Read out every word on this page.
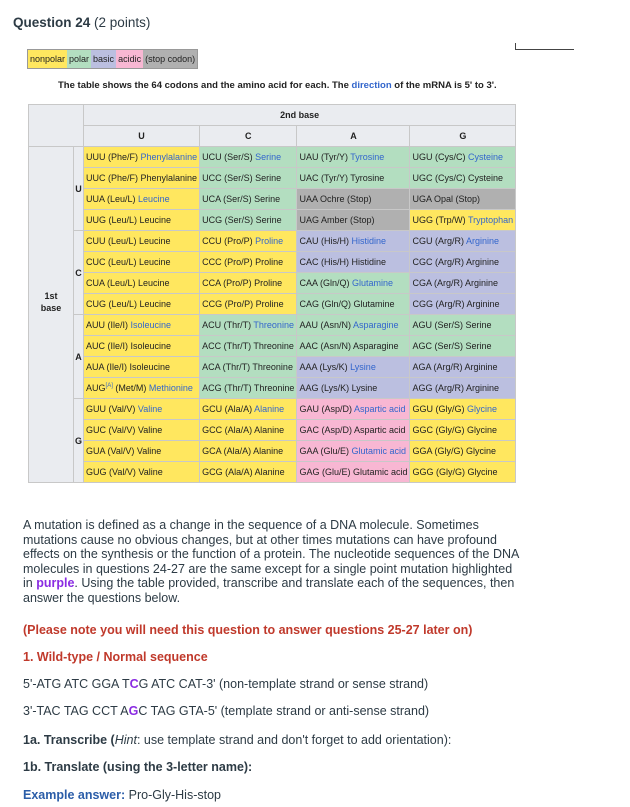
Question 24 (2 points)
nonpolar polar basic acidic (stop codon)
The table shows the 64 codons and the amino acid for each. The direction of the mRNA is 5' to 3'.
		2nd base			
		U	C	A	G

1st
base	U	UUU (Phe/F) Phenylalanine	UCU (Ser/S) Serine	UAU (Tyr/Y) Tyrosine	UGU (Cys/C) Cysteine
		UUC (Phe/F) Phenylalanine	UCC (Ser/S) Serine	UAC (Tyr/Y) Tyrosine	UGC (Cys/C) Cysteine
		UUA (Leu/L) Leucine	UCA (Ser/S) Serine	UAA Ochre (Stop)	UGA Opal (Stop)
		UUG (Leu/L) Leucine	UCG (Ser/S) Serine	UAG Amber (Stop)	UGG (Trp/W) Tryptophan
	C	CUU (Leu/L) Leucine	CCU (Pro/P) Proline	CAU (His/H) Histidine	CGU (Arg/R) Arginine
		CUC (Leu/L) Leucine	CCC (Pro/P) Proline	CAC (His/H) Histidine	CGC (Arg/R) Arginine
		CUA (Leu/L) Leucine	CCA (Pro/P) Proline	CAA (Gln/Q) Glutamine	CGA (Arg/R) Arginine
		CUG (Leu/L) Leucine	CCG (Pro/P) Proline	CAG (Gln/Q) Glutamine	CGG (Arg/R) Arginine
	A	AUU (Ile/I) Isoleucine	ACU (Thr/T) Threonine	AAU (Asn/N) Asparagine	AGU (Ser/S) Serine
		AUC (Ile/I) Isoleucine	ACC (Thr/T) Threonine	AAC (Asn/N) Asparagine	AGC (Ser/S) Serine
		AUA (Ile/I) Isoleucine	ACA (Thr/T) Threonine	AAA (Lys/K) Lysine	AGA (Arg/R) Arginine
		AUG[A] (Met/M) Methionine	ACG (Thr/T) Threonine	AAG (Lys/K) Lysine	AGG (Arg/R) Arginine
	G	GUU (Val/V) Valine	GCU (Ala/A) Alanine	GAU (Asp/D) Aspartic acid	GGU (Gly/G) Glycine
		GUC (Val/V) Valine	GCC (Ala/A) Alanine	GAC (Asp/D) Aspartic acid	GGC (Gly/G) Glycine
		GUA (Val/V) Valine	GCA (Ala/A) Alanine	GAA (Glu/E) Glutamic acid	GGA (Gly/G) Glycine
		GUG (Val/V) Valine	GCG (Ala/A) Alanine	GAG (Glu/E) Glutamic acid	GGG (Gly/G) Glycine
A mutation is defined as a change in the sequence of a DNA molecule. Sometimes mutations cause no obvious changes, but at other times mutations can have profound effects on the synthesis or the function of a protein. The nucleotide sequences of the DNA molecules in questions 24-27 are the same except for a single point mutation highlighted in purple. Using the table provided, transcribe and translate each of the sequences, then answer the questions below.
(Please note you will need this question to answer questions 25-27 later on)
1. Wild-type / Normal sequence
5'-ATG ATC GGA TCG ATC CAT-3' (non-template strand or sense strand)
3'-TAC TAG CCT AGC TAG GTA-5' (template strand or anti-sense strand)
1a. Transcribe (Hint: use template strand and don't forget to add orientation):
1b. Translate (using the 3-letter name):
Example answer: Pro-Gly-His-stop
